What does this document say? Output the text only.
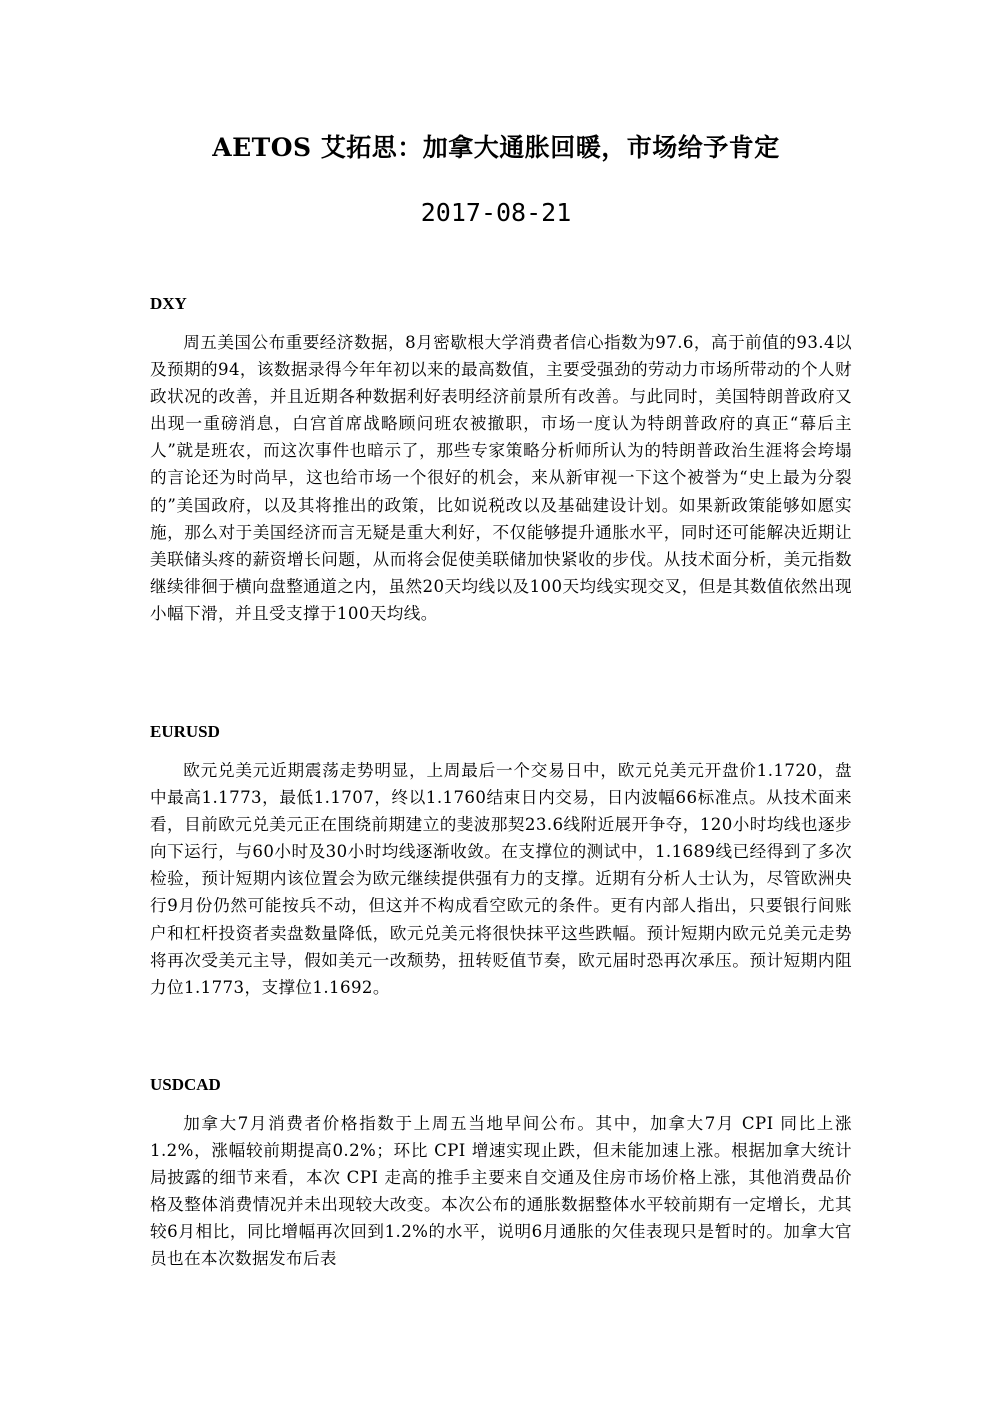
AETOS 艾拓思：加拿大通胀回暖，市场给予肯定
2017-08-21

DXY

周五美国公布重要经济数据，8月密歇根大学消费者信心指数为97.6，高于前值的93.4以及预期的94，该数据录得今年年初以来的最高数值，主要受强劲的劳动力市场所带动的个人财政状况的改善，并且近期各种数据利好表明经济前景所有改善。与此同时，美国特朗普政府又出现一重磅消息，白宫首席战略顾问班农被撤职，市场一度认为特朗普政府的真正“幕后主人”就是班农，而这次事件也暗示了，那些专家策略分析师所认为的特朗普政治生涯将会垮塌的言论还为时尚早，这也给市场一个很好的机会，来从新审视一下这个被誉为“史上最为分裂的”美国政府，以及其将推出的政策，比如说税改以及基础建设计划。如果新政策能够如愿实施，那么对于美国经济而言无疑是重大利好，不仅能够提升通胀水平，同时还可能解决近期让美联储头疼的薪资增长问题，从而将会促使美联储加快紧收的步伐。从技术面分析，美元指数继续徘徊于横向盘整通道之内，虽然20天均线以及100天均线实现交叉，但是其数值依然出现小幅下滑，并且受支撑于100天均线。

EURUSD

欧元兑美元近期震荡走势明显，上周最后一个交易日中，欧元兑美元开盘价1.1720，盘中最高1.1773，最低1.1707，终以1.1760结束日内交易，日内波幅66标准点。从技术面来看，目前欧元兑美元正在围绕前期建立的斐波那契23.6线附近展开争夺，120小时均线也逐步向下运行，与60小时及30小时均线逐渐收敛。在支撑位的测试中，1.1689线已经得到了多次检验，预计短期内该位置会为欧元继续提供强有力的支撑。近期有分析人士认为，尽管欧洲央行9月份仍然可能按兵不动，但这并不构成看空欧元的条件。更有内部人指出，只要银行间账户和杠杆投资者卖盘数量降低，欧元兑美元将很快抹平这些跌幅。预计短期内欧元兑美元走势将再次受美元主导，假如美元一改颓势，扭转贬值节奏，欧元届时恐再次承压。预计短期内阻力位1.1773，支撑位1.1692。

USDCAD

加拿大7月消费者价格指数于上周五当地早间公布。其中，加拿大7月 CPI 同比上涨1.2%，涨幅较前期提高0.2%；环比 CPI 增速实现止跌，但未能加速上涨。根据加拿大统计局披露的细节来看，本次 CPI 走高的推手主要来自交通及住房市场价格上涨，其他消费品价格及整体消费情况并未出现较大改变。本次公布的通胀数据整体水平较前期有一定增长，尤其较6月相比，同比增幅再次回到1.2%的水平，说明6月通胀的欠佳表现只是暂时的。加拿大官员也在本次数据发布后表
